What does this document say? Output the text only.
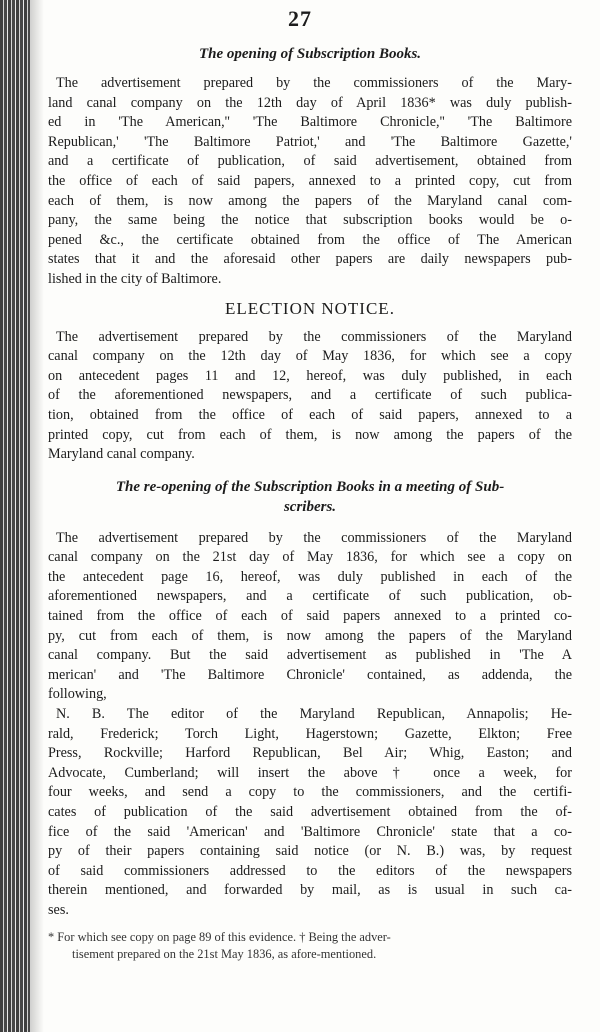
27
The opening of Subscription Books.
The advertisement prepared by the commissioners of the Mary-
land canal company on the 12th day of April 1836* was duly publish-
ed in 'The American,'' 'The Baltimore Chronicle,'' 'The Baltimore
Republican,' 'The Baltimore Patriot,' and 'The Baltimore Gazette,'
and a certificate of publication, of said advertisement, obtained from
the office of each of said papers, annexed to a printed copy, cut from
each of them, is now among the papers of the Maryland canal com-
pany, the same being the notice that subscription books would be o-
pened &c., the certificate obtained from the office of The American
states that it and the aforesaid other papers are daily newspapers pub-
lished in the city of Baltimore.
ELECTION NOTICE.
The advertisement prepared by the commissioners of the Maryland
canal company on the 12th day of May 1836, for which see a copy
on antecedent pages 11 and 12, hereof, was duly published, in each
of the aforementioned newspapers, and a certificate of such publica-
tion, obtained from the office of each of said papers, annexed to a
printed copy, cut from each of them, is now among the papers of the
Maryland canal company.
The re-opening of the Subscription Books in a meeting of Sub-
scribers.
The advertisement prepared by the commissioners of the Maryland
canal company on the 21st day of May 1836, for which see a copy on
the antecedent page 16, hereof, was duly published in each of the
aforementioned newspapers, and a certificate of such publication, ob-
tained from the office of each of said papers annexed to a printed co-
py, cut from each of them, is now among the papers of the Maryland
canal company. But the said advertisement as published in 'The A
merican' and 'The Baltimore Chronicle' contained, as addenda, the
following,
N. B. The editor of the Maryland Republican, Annapolis; He-
rald, Frederick; Torch Light, Hagerstown; Gazette, Elkton; Free
Press, Rockville; Harford Republican, Bel Air; Whig, Easton; and
Advocate, Cumberland; will insert the above† once a week, for
four weeks, and send a copy to the commissioners, and the certifi-
cates of publication of the said advertisement obtained from the of-
fice of the said 'American' and 'Baltimore Chronicle' state that a co-
py of their papers containing said notice (or N. B.) was, by request
of said commissioners addressed to the editors of the newspapers
therein mentioned, and forwarded by mail, as is usual in such ca-
ses.
* For which see copy on page 89 of this evidence. † Being the adver-
tisement prepared on the 21st May 1836, as afore-mentioned.
